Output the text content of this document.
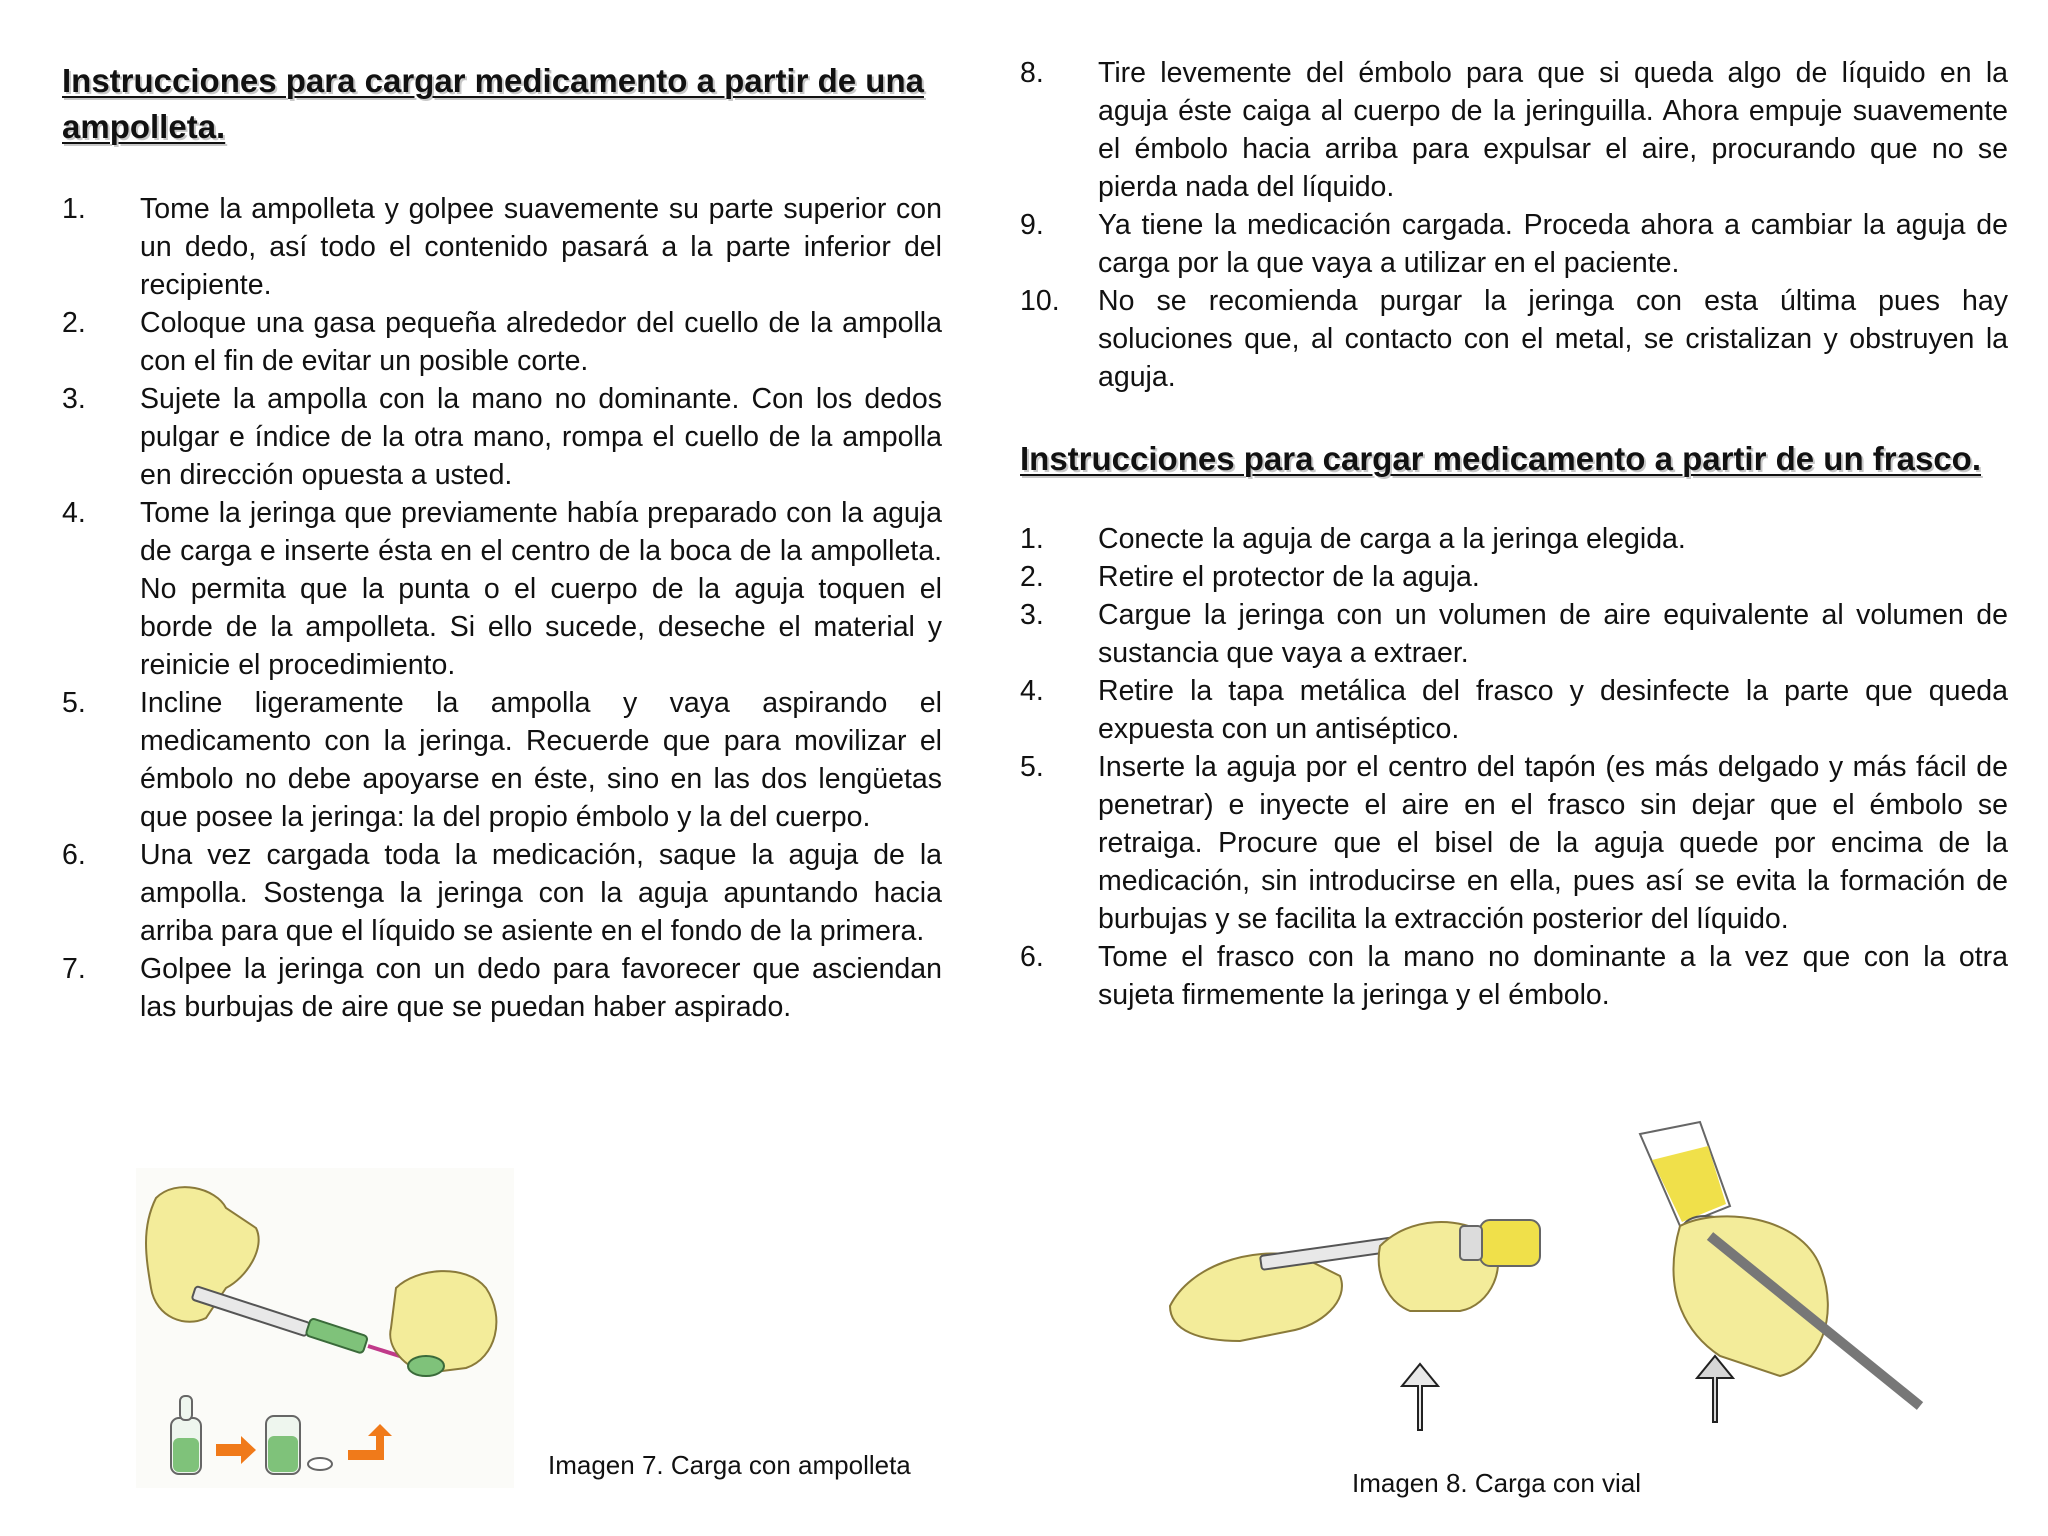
Instrucciones para cargar medicamento a partir de una ampolleta.
1.	Tome la ampolleta y golpee suavemente su parte superior con un dedo, así todo el contenido pasará a la parte inferior del recipiente.
2.	Coloque una gasa pequeña alrededor del cuello de la ampolla con el fin de evitar un posible corte.
3.	Sujete la ampolla con la mano no dominante. Con los dedos pulgar e índice de la otra mano, rompa el cuello de la ampolla en dirección opuesta a usted.
4.	Tome la jeringa que previamente había preparado con la aguja de carga e inserte ésta en el centro de la boca de la ampolleta. No permita que la punta o el cuerpo de la aguja toquen el borde de la ampolleta. Si ello sucede, deseche el material y reinicie el procedimiento.
5.	Incline ligeramente la ampolla y vaya aspirando el medicamento con la jeringa. Recuerde que para movilizar el émbolo no debe apoyarse en éste, sino en las dos lengüetas que posee la jeringa: la del propio émbolo y la del cuerpo.
6.	Una vez cargada toda la medicación, saque la aguja de la ampolla. Sostenga la jeringa con la aguja apuntando hacia arriba para que el líquido se asiente en el fondo de la primera.
7.	Golpee la jeringa con un dedo para favorecer que asciendan las burbujas de aire que se puedan haber aspirado.
8.	Tire levemente del émbolo para que si queda algo de líquido en la aguja éste caiga al cuerpo de la jeringuilla. Ahora empuje suavemente el émbolo hacia arriba para expulsar el aire, procurando que no se pierda nada del líquido.
9.	Ya tiene la medicación cargada. Proceda ahora a cambiar la aguja de carga por la que vaya a utilizar en el paciente.
10.	No se recomienda purgar la jeringa con esta última pues hay soluciones que, al contacto con el metal, se cristalizan y obstruyen la aguja.
Instrucciones para cargar medicamento a partir de un frasco.
1.	Conecte la aguja de carga a la jeringa elegida.
2.	Retire el protector de la aguja.
3.	Cargue la jeringa con un volumen de aire equivalente al volumen de sustancia que vaya a extraer.
4.	Retire la tapa metálica del frasco y desinfecte la parte que queda expuesta con un antiséptico.
5.	Inserte la aguja por el centro del tapón (es más delgado y más fácil de penetrar) e inyecte el aire en el frasco sin dejar que el émbolo se retraiga. Procure que el bisel de la aguja quede por encima de la medicación, sin introducirse en ella, pues así se evita la formación de burbujas y se facilita la extracción posterior del líquido.
6.	Tome el frasco con la mano no dominante a la vez que con la otra sujeta firmemente la jeringa y el émbolo.
Imagen 7. Carga con ampolleta
Imagen 8. Carga con vial
